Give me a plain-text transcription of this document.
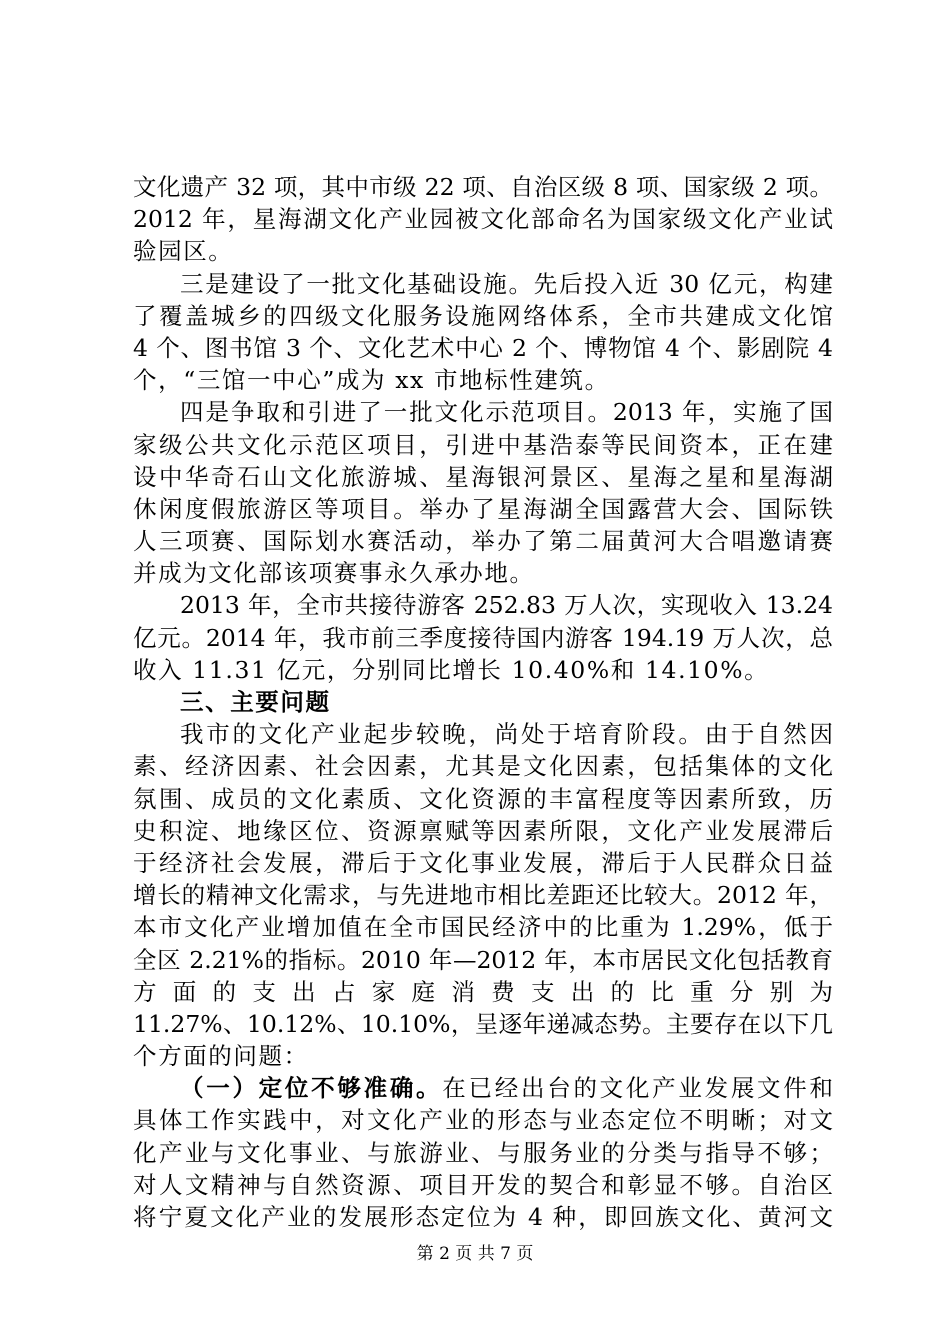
文化遗产 32 项，其中市级 22 项、自治区级 8 项、国家级 2 项。
2012 年，星海湖文化产业园被文化部命名为国家级文化产业试
验园区。
三是建设了一批文化基础设施。先后投入近 30 亿元，构建
了覆盖城乡的四级文化服务设施网络体系，全市共建成文化馆
4 个、图书馆 3 个、文化艺术中心 2 个、博物馆 4 个、影剧院 4
个，“三馆一中心”成为 xx 市地标性建筑。
四是争取和引进了一批文化示范项目。2013 年，实施了国
家级公共文化示范区项目，引进中基浩泰等民间资本，正在建
设中华奇石山文化旅游城、星海银河景区、星海之星和星海湖
休闲度假旅游区等项目。举办了星海湖全国露营大会、国际铁
人三项赛、国际划水赛活动，举办了第二届黄河大合唱邀请赛
并成为文化部该项赛事永久承办地。
2013 年，全市共接待游客 252.83 万人次，实现收入 13.24
亿元。2014 年，我市前三季度接待国内游客 194.19 万人次，总
收入 11.31 亿元，分别同比增长 10.40%和 14.10%。
三、主要问题
我市的文化产业起步较晚，尚处于培育阶段。由于自然因
素、经济因素、社会因素，尤其是文化因素，包括集体的文化
氛围、成员的文化素质、文化资源的丰富程度等因素所致，历
史积淀、地缘区位、资源禀赋等因素所限，文化产业发展滞后
于经济社会发展，滞后于文化事业发展，滞后于人民群众日益
增长的精神文化需求，与先进地市相比差距还比较大。2012 年，
本市文化产业增加值在全市国民经济中的比重为 1.29%，低于
全区 2.21%的指标。2010 年—2012 年，本市居民文化包括教育
方面的支出占家庭消费支出的比重分别为
11.27%、10.12%、10.10%，呈逐年递减态势。主要存在以下几
个方面的问题：
（一）定位不够准确。在已经出台的文化产业发展文件和
具体工作实践中，对文化产业的形态与业态定位不明晰；对文
化产业与文化事业、与旅游业、与服务业的分类与指导不够；
对人文精神与自然资源、项目开发的契合和彰显不够。自治区
将宁夏文化产业的发展形态定位为 4 种，即回族文化、黄河文
第 2 页 共 7 页
